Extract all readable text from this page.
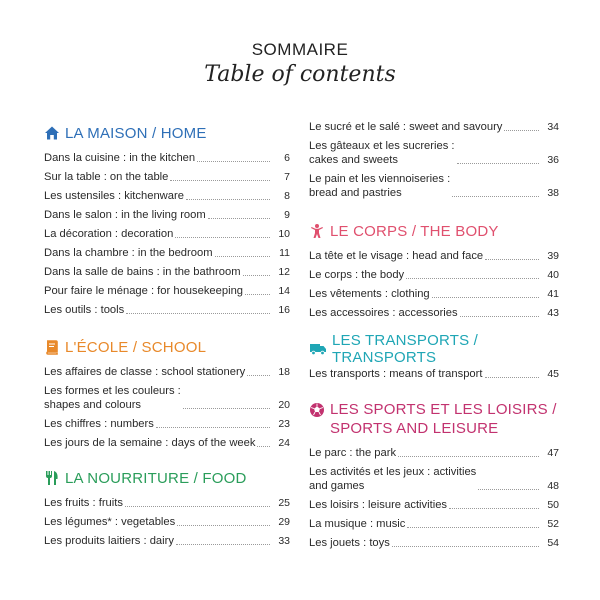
SOMMAIRE
Table of contents
LA MAISON / HOME
Dans la cuisine : in the kitchen	6
Sur la table : on the table	7
Les ustensiles : kitchenware	8
Dans le salon : in the living room	9
La décoration : decoration	10
Dans la chambre : in the bedroom	11
Dans la salle de bains : in the bathroom	12
Pour faire le ménage : for housekeeping	14
Les outils : tools	16
L'ÉCOLE / SCHOOL
Les affaires de classe : school stationery	18
Les formes et les couleurs :
shapes and colours	20
Les chiffres : numbers	23
Les jours de la semaine : days of the week 24
LA NOURRITURE / FOOD
Les fruits : fruits	25
Les légumes* : vegetables	29
Les produits laitiers : dairy	33
Le sucré et le salé : sweet and savoury	34
Les gâteaux et les sucreries :
cakes and sweets	36
Le pain et les viennoiseries :
bread and pastries	38
LE CORPS / THE BODY
La tête et le visage : head and face	39
Le corps : the body	40
Les vêtements : clothing	41
Les accessoires : accessories	43
LES TRANSPORTS / TRANSPORTS
Les transports : means of transport	45
LES SPORTS ET LES LOISIRS /
SPORTS AND LEISURE
Le parc : the park	47
Les activités et les jeux : activities
and games	48
Les loisirs : leisure activities	50
La musique : music	52
Les jouets : toys	54
